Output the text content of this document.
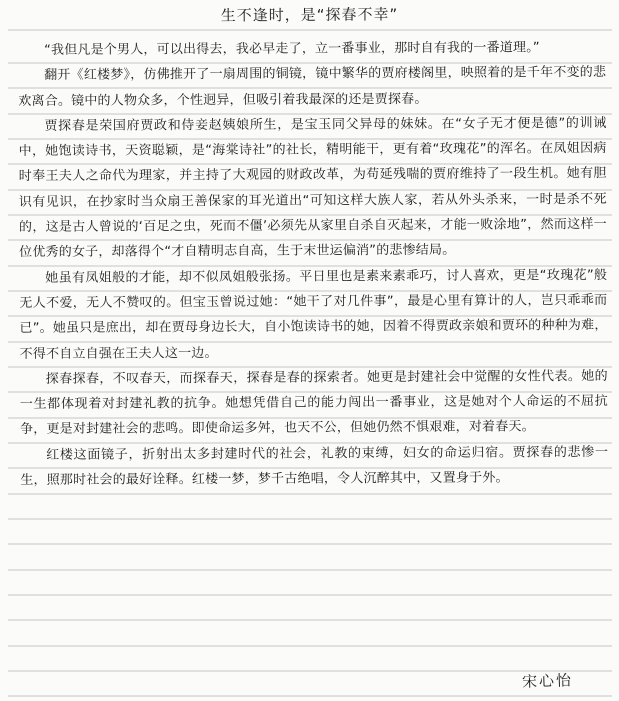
生不逢时，是“探春不幸”

“我但凡是个男人，可以出得去，我必早走了，立一番事业，那时自有我的一番道理。”

翻开《红楼梦》，仿佛推开了一扇周围的铜镜，镜中繁华的贾府楼阁里，映照着的是千年不变的悲欢离合。镜中的人物众多，个性迥异，但吸引着我最深的还是贾探春。

贾探春是荣国府贾政和侍妾赵姨娘所生，是宝玉同父异母的妹妹。在“女子无才便是德”的训诫中，她饱读诗书，天资聪颖，是“海棠诗社”的社长，精明能干，更有着“玫瑰花”的浑名。在凤姐因病时奉王夫人之命代为理家，并主持了大观园的财政改革，为苟延残喘的贾府维持了一段生机。她有胆识有见识，在抄家时当众扇王善保家的耳光道出“可知这样大族人家，若从外头杀来，一时是杀不死的，这是古人曾说的‘百足之虫，死而不僵’必须先从家里自杀自灭起来，才能一败涂地”，然而这样一位优秀的女子，却落得个“才自精明志自高，生于末世运偏消”的悲惨结局。

她虽有凤姐般的才能，却不似凤姐般张扬。平日里也是素来素乖巧，讨人喜欢，更是“玫瑰花”般无人不爱，无人不赞叹的。但宝玉曾说过她：“她干了对几件事”，最是心里有算计的人，岂只乖乖而已”。她虽只是庶出，却在贾母身边长大，自小饱读诗书的她，因着不得贾政亲娘和贾环的种种为难，不得不自立自强在王夫人这一边。

探春探春，不叹春天，而探春天，探春是春的探索者。她更是封建社会中觉醒的女性代表。她的一生都体现着对封建礼教的抗争。她想凭借自己的能力闯出一番事业，这是她对个人命运的不屈抗争，更是对封建社会的悲鸣。即使命运多舛，也天不公，但她仍然不惧艰难，对着春天。

红楼这面镜子，折射出太多封建时代的社会，礼教的束缚，妇女的命运归宿。贾探春的悲惨一生，照那时社会的最好诠释。红楼一梦，梦千古绝唱，令人沉醉其中，又置身于外。

宋心怡
